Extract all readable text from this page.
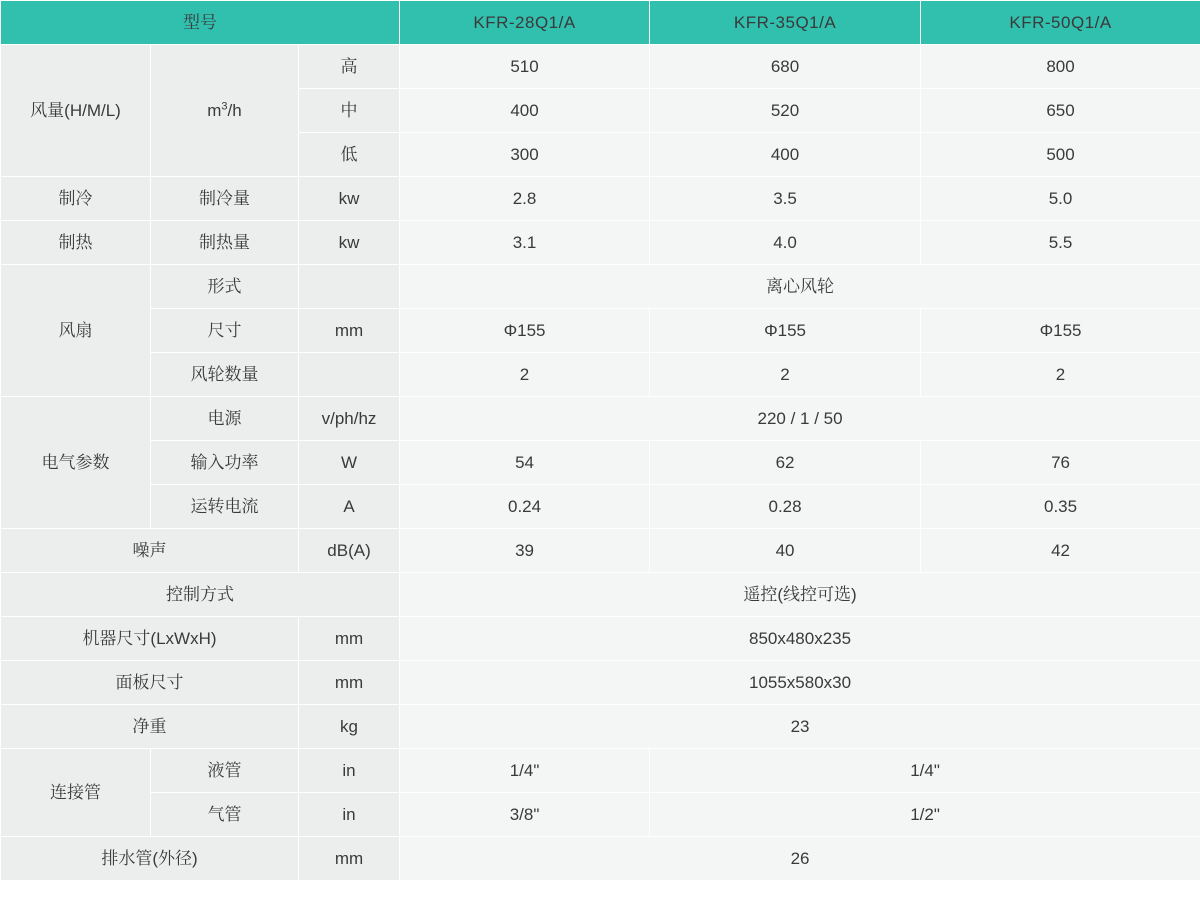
型号			KFR-28Q1/A	KFR-35Q1/A	KFR-50Q1/A
风量(H/M/L)	$m^3/h$	高	510	680	800
		中	400	520	650
		低	300	400	500
制冷	制冷量	kw	2.8	3.5	5.0
制热	制热量	kw	3.1	4.0	5.5
风扇	形式		离心风轮		
	尺寸	mm	Φ155	Φ155	Φ155
	风轮数量		2	2	2
电气参数	电源	v/ph/hz	220 / 1 / 50		
	输入功率	W	54	62	76
	运转电流	A	0.24	0.28	0.35
噪声		dB(A)	39	40	42
控制方式			遥控(线控可选)		
机器尺寸(LxWxH)		mm	850x480x235		
面板尺寸		mm	1055x580x30		
净重		kg	23		
连接管	液管	in	1/4"	1/4"	
	气管	in	3/8"	1/2"	
排水管(外径)		mm	26		
